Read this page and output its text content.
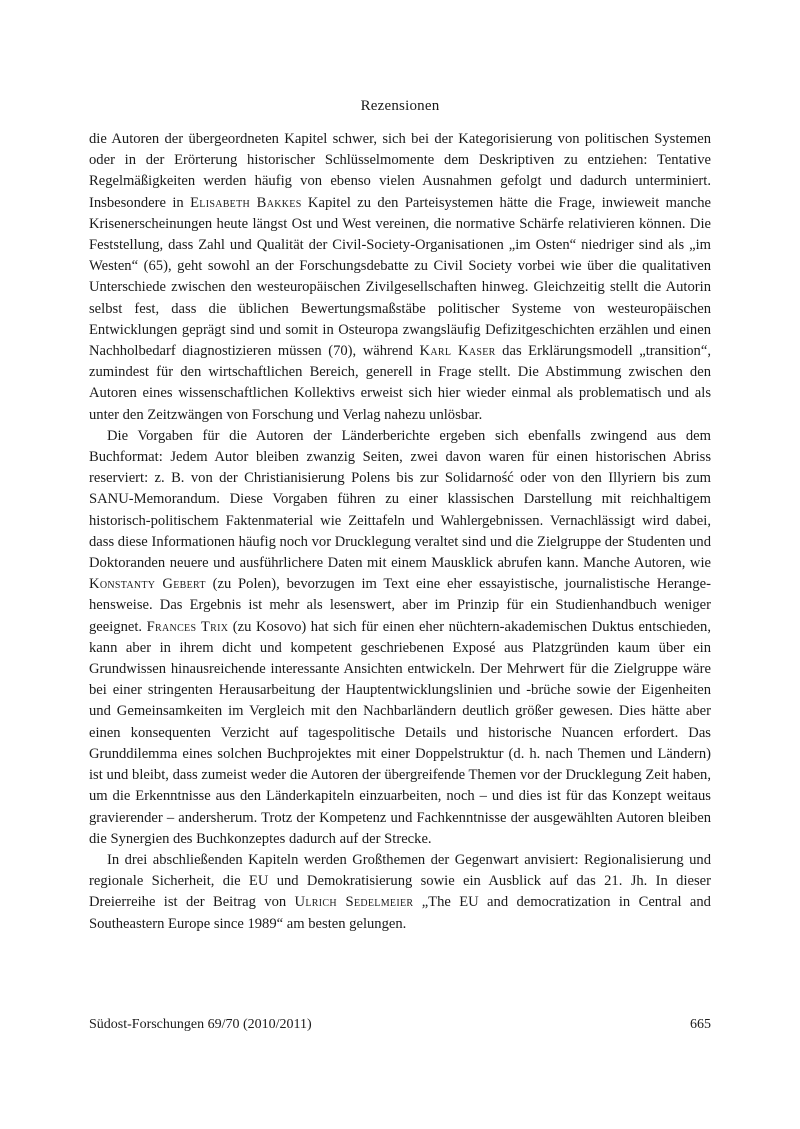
Rezensionen

die Autoren der übergeordneten Kapitel schwer, sich bei der Kategorisierung von politischen Systemen oder in der Erörterung historischer Schlüsselmomente dem Deskriptiven zu entziehen: Tentative Regelmäßigkeiten werden häufig von ebenso vielen Ausnahmen gefolgt und dadurch unterminiert. Insbesondere in Elisabeth Bakkes Kapitel zu den Parteisystemen hätte die Frage, inwieweit manche Krisenerscheinungen heute längst Ost und West vereinen, die normative Schärfe relativieren können. Die Feststellung, dass Zahl und Qualität der Civil-Society-Organisationen „im Osten“ niedriger sind als „im Westen“ (65), geht sowohl an der Forschungsdebatte zu Civil Society vorbei wie über die qualitativen Unterschiede zwischen den westeuropäischen Zivilgesellschaften hinweg. Gleichzeitig stellt die Autorin selbst fest, dass die üblichen Bewertungsmaßstäbe politischer Systeme von westeuropäischen Entwicklungen geprägt sind und somit in Osteuropa zwangsläufig Defizitgeschichten erzählen und einen Nachholbedarf diagnostizieren müssen (70), während Karl Kaser das Erklärungsmodell „transition“, zumindest für den wirtschaftlichen Bereich, generell in Frage stellt. Die Abstimmung zwischen den Autoren eines wissenschaftlichen Kollektivs erweist sich hier wieder einmal als problematisch und als unter den Zeitzwängen von Forschung und Verlag nahezu unlösbar.

Die Vorgaben für die Autoren der Länderberichte ergeben sich ebenfalls zwingend aus dem Buchformat: Jedem Autor bleiben zwanzig Seiten, zwei davon waren für einen historischen Abriss reserviert: z. B. von der Christianisierung Polens bis zur Solidarność oder von den Illyriern bis zum SANU-Memorandum. Diese Vorgaben führen zu einer klassischen Darstellung mit reichhaltigem historisch-politischem Faktenmaterial wie Zeittafeln und Wahlergebnissen. Vernachlässigt wird dabei, dass diese Informationen häufig noch vor Drucklegung veraltet sind und die Zielgruppe der Studenten und Doktoranden neuere und ausführlichere Daten mit einem Mausklick abrufen kann. Manche Autoren, wie Konstanty Gebert (zu Polen), bevorzugen im Text eine eher essayistische, journalistische Herangehensweise. Das Ergebnis ist mehr als lesenswert, aber im Prinzip für ein Studienhandbuch weniger geeignet. Frances Trix (zu Kosovo) hat sich für einen eher nüchtern-akademischen Duktus entschieden, kann aber in ihrem dicht und kompetent geschriebenen Exposé aus Platzgründen kaum über ein Grundwissen hinausreichende interessante Ansichten entwickeln. Der Mehrwert für die Zielgruppe wäre bei einer stringenten Herausarbeitung der Hauptentwicklungslinien und -brüche sowie der Eigenheiten und Gemeinsamkeiten im Vergleich mit den Nachbarländern deutlich größer gewesen. Dies hätte aber einen konsequenten Verzicht auf tagespolitische Details und historische Nuancen erfordert. Das Grunddilemma eines solchen Buchprojektes mit einer Doppelstruktur (d. h. nach Themen und Ländern) ist und bleibt, dass zumeist weder die Autoren der übergreifende Themen vor der Drucklegung Zeit haben, um die Erkenntnisse aus den Länderkapiteln einzuarbeiten, noch – und dies ist für das Konzept weitaus gravierender – andersherum. Trotz der Kompetenz und Fachkenntnisse der ausgewählten Autoren bleiben die Synergien des Buchkonzeptes dadurch auf der Strecke.

In drei abschließenden Kapiteln werden Großthemen der Gegenwart anvisiert: Regionalisierung und regionale Sicherheit, die EU und Demokratisierung sowie ein Ausblick auf das 21. Jh. In dieser Dreierreihe ist der Beitrag von Ulrich Sedelmeier „The EU and democratization in Central and Southeastern Europe since 1989“ am besten gelungen.

Südost-Forschungen 69/70 (2010/2011)	665
